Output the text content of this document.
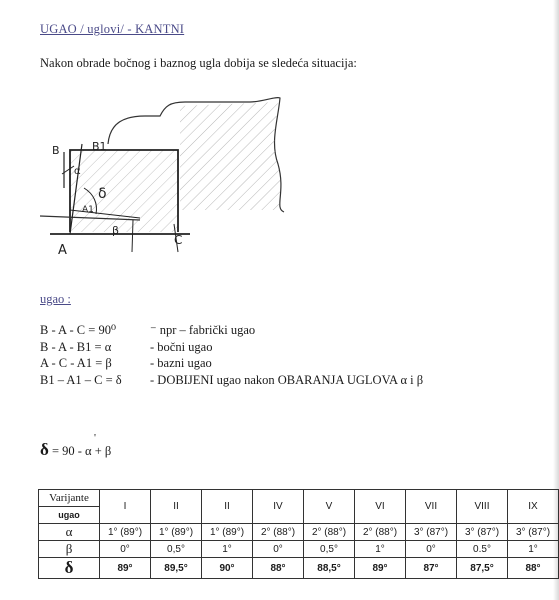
UGAO / uglovi/ - KANTNI
Nakon obrade bočnog i baznog ugla dobija se sledeća situacija:
B	B1
A
A1
C
β
δ
α
ugao :
B - A - C = 90⁰	⁻ npr – fabrički ugao
B - A - B1 = α	- bočni ugao
A - C - A1 = β	- bazni ugao
B1 – A1 – C = δ - DOBIJENI ugao nakon OBARANJA UGLOVA α i β
δ = 90 - α + β
'
Varijante	I	II	II	IV	V	VI	VII	VIII	IX
ugao									
α	1° (89°)	1° (89°)	1° (89°)	2° (88°)	2° (88°)	2° (88°)	3° (87°)	3° (87°)	3° (87°)
β	0°	0,5°	1°	0°	0,5°	1°	0°	0.5°	1°
δ	89°	89,5°	90°	88°	88,5°	89°	87°	87,5°	88°
